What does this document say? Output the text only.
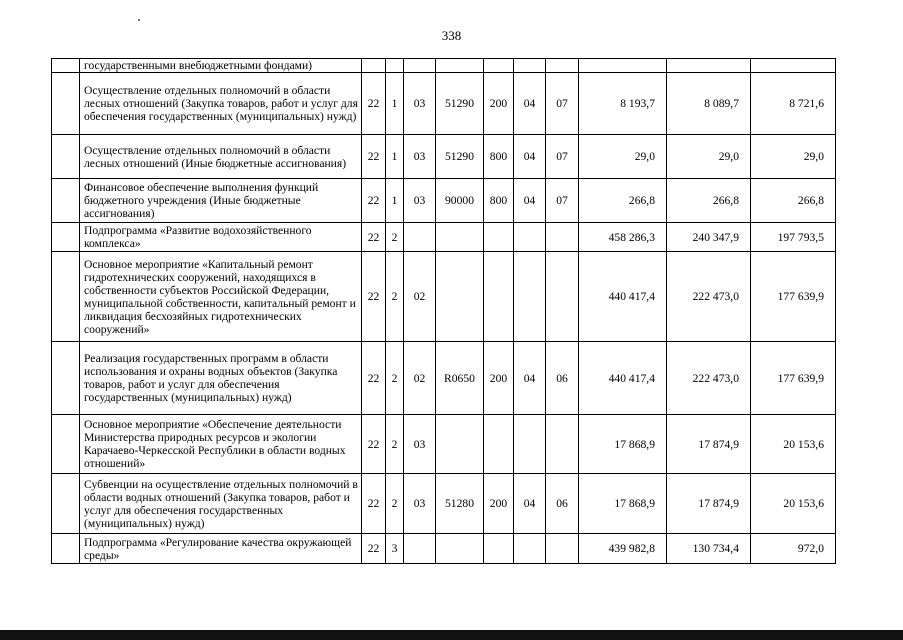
338
	государственными внебюджетными фондами)										
	Осуществление отдельных полномочий в области лесных отношений (Закупка товаров, работ и услуг для обеспечения государственных (муниципальных) нужд)	22	1	03	51290	200	04	07	8 193,7	8 089,7	8 721,6
	Осуществление отдельных полномочий в области лесных отношений (Иные бюджетные ассигнования)	22	1	03	51290	800	04	07	29,0	29,0	29,0
	Финансовое обеспечение выполнения функций бюджетного учреждения (Иные бюджетные ассигнования)	22	1	03	90000	800	04	07	266,8	266,8	266,8
	Подпрограмма «Развитие водохозяйственного комплекса»	22	2						458 286,3	240 347,9	197 793,5
	Основное мероприятие «Капитальный ремонт гидротехнических сооружений, находящихся в собственности субъектов Российской Федерации, муниципальной собственности, капитальный ремонт и ликвидация бесхозяйных гидротехнических сооружений»	22	2	02					440 417,4	222 473,0	177 639,9
	Реализация государственных программ в области использования и охраны водных объектов (Закупка товаров, работ и услуг для обеспечения государственных (муниципальных) нужд)	22	2	02	R0650	200	04	06	440 417,4	222 473,0	177 639,9
	Основное мероприятие «Обеспечение деятельности Министерства природных ресурсов и экологии Карачаево-Черкесской Республики в области водных отношений»	22	2	03					17 868,9	17 874,9	20 153,6
	Субвенции на осуществление отдельных полномочий в области водных отношений (Закупка товаров, работ и услуг для обеспечения государственных (муниципальных) нужд)	22	2	03	51280	200	04	06	17 868,9	17 874,9	20 153,6
	Подпрограмма «Регулирование качества окружающей среды»	22	3						439 982,8	130 734,4	972,0
